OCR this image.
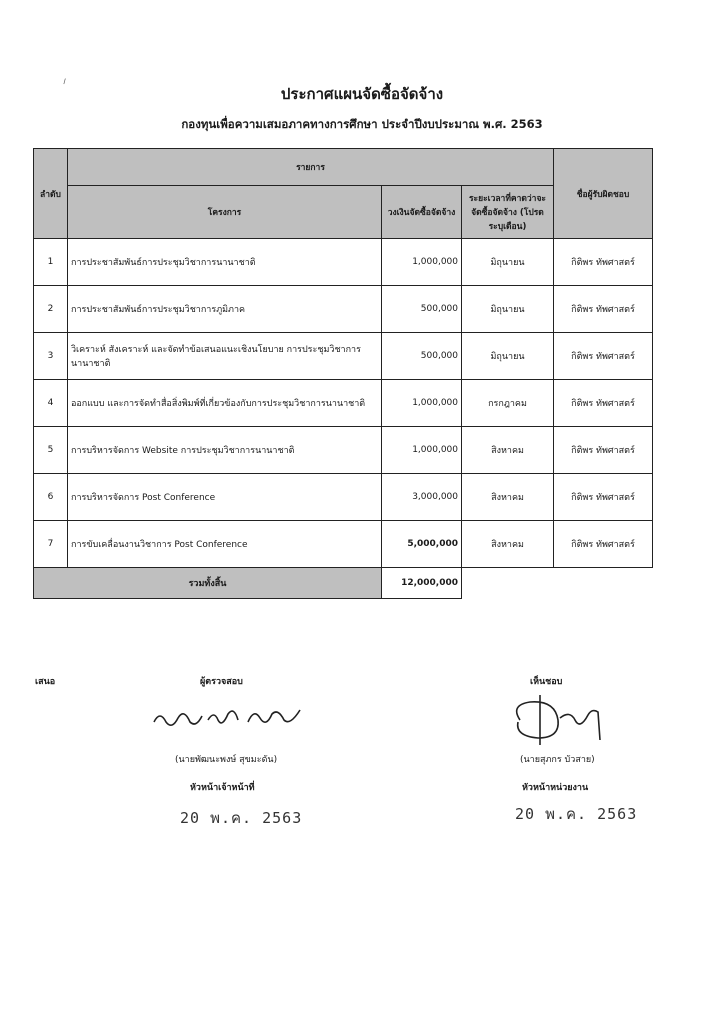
⸝
ประกาศแผนจัดซื้อจัดจ้าง
กองทุนเพื่อความเสมอภาคทางการศึกษา ประจำปีงบประมาณ พ.ศ. 2563
ลำดับ	รายการ			ชื่อผู้รับผิดชอบ
	โครงการ	วงเงินจัดซื้อจัดจ้าง	ระยะเวลาที่คาดว่าจะจัดซื้อจัดจ้าง (โปรดระบุเดือน)	
1	การประชาสัมพันธ์การประชุมวิชาการนานาชาติ	1,000,000	มิถุนายน	กิติพร ทัพศาสตร์
2	การประชาสัมพันธ์การประชุมวิชาการภูมิภาค	500,000	มิถุนายน	กิติพร ทัพศาสตร์
3	วิเคราะห์ สังเคราะห์ และจัดทำข้อเสนอแนะเชิงนโยบาย การประชุมวิชาการนานาชาติ	500,000	มิถุนายน	กิติพร ทัพศาสตร์
4	ออกแบบ และการจัดทำสื่อสิ่งพิมพ์ที่เกี่ยวข้องกับการประชุมวิชาการนานาชาติ	1,000,000	กรกฎาคม	กิติพร ทัพศาสตร์
5	การบริหารจัดการ Website การประชุมวิชาการนานาชาติ	1,000,000	สิงหาคม	กิติพร ทัพศาสตร์
6	การบริหารจัดการ Post Conference	3,000,000	สิงหาคม	กิติพร ทัพศาสตร์
7	การขับเคลื่อนงานวิชาการ Post Conference	5,000,000	สิงหาคม	กิติพร ทัพศาสตร์
รวมทั้งสิ้น		12,000,000		
เสนอ	ผู้ตรวจสอบ	เห็นชอบ
(นายพัฒนะพงษ์ สุขมะดัน)
หัวหน้าเจ้าหน้าที่
20 พ.ค. 2563
(นายสุภกร บัวสาย)
หัวหน้าหน่วยงาน
20 พ.ค. 2563
